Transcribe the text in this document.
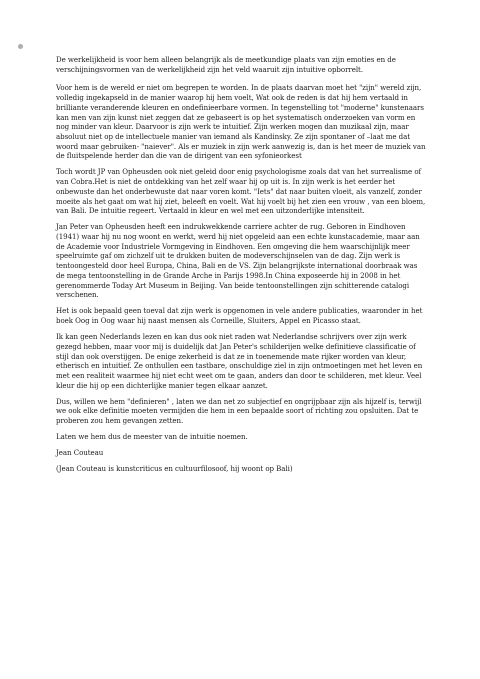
De werkelijkheid is voor hem alleen belangrijk als de meetkundige plaats van zijn emoties en de verschijningsvormen van de werkelijkheid zijn het veld waaruit zijn intuitive opborrelt.

Voor hem is de wereld er niet om begrepen te worden. In de plaats daarvan moet het "zijn" wereld zijn, volledig ingekapseld in de manier waarop hij hem voelt, Wat ook de reden is dat hij hem vertaald in brilliante veranderende kleuren en ondefinieerbare vormen. In tegenstelling tot "moderne" kunstenaars kan men van zijn kunst niet zeggen dat ze gebaseert is op het systematisch onderzoeken van vorm en nog minder van kleur. Daarvoor is zijn werk te intuitief. Zijn werken mogen dan muzikaal zijn, maar absoluut niet op de intellectuele manier van iemand als Kandinsky. Ze zijn spontaner of –laat me dat woord maar gebruiken- "naiever". Als er muziek in zijn werk aanwezig is, dan is het meer de muziek van de fluitspelende herder dan die van de dirigent van een syfonieorkest

Toch wordt JP van Opheusden ook niet geleid door enig psychologisme zoals dat van het surrealisme of van Cobra.Het is niet de ontdekking van het zelf waar hij op uit is. In zijn werk is het eerder het onbewuste dan het onderbewuste dat naar voren komt. "Iets" dat naar buiten vloeit, als vanzelf, zonder moeite als het gaat om wat hij ziet, beleeft en voelt. Wat hij voelt bij het zien een vrouw , van een bloem, van Bali. De intuitie regeert. Vertaald in kleur en wel met een uitzonderlijke intensiteit.

Jan Peter van Opheusden heeft een indrukwekkende carriere achter de rug. Geboren in Eindhoven (1941) waar hij nu nog woont en werkt, werd hij niet opgeleid aan een echte kunstacademie, maar aan de Academie voor Industriele Vormgeving in Eindhoven. Een omgeving die hem waarschijnlijk meer speelruimte gaf om zichzelf uit te drukken buiten de modeverschijnselen van de dag. Zijn werk is tentoongesteld door heel Europa, China, Bali en de VS. Zijn belangrijkste international doorbraak was de mega tentoonstelling in de Grande Arche in Parijs 1998.In China exposeerde hij in 2008 in het gerenommerde Today Art Museum in Beijing. Van beide tentoonstellingen zijn schitterende catalogi verschenen.

Het is ook bepaald geen toeval dat zijn werk is opgenomen in vele andere publicaties, waaronder in het boek Oog in Oog waar hij naast mensen als Corneille, Sluiters, Appel en Picasso staat.

Ik kan geen Nederlands lezen en kan dus ook niet raden wat Nederlandse schrijvers over zijn werk gezegd hebben, maar voor mij is duidelijk dat Jan Peter's schilderijen welke definitieve classificatie of stijl dan ook overstijgen. De enige zekerheid is dat ze in toenemende mate rijker worden van kleur, etherisch en intuitief. Ze onthullen een tastbare, onschuldige ziel in zijn ontmoetingen met het leven en met een realiteit waarmee hij niet echt weet om te gaan, anders dan door te schilderen, met kleur. Veel kleur die hij op een dichterlijke manier tegen elkaar aanzet.

Dus, willen we hem "definieren" , laten we dan net zo subjectief en ongrijpbaar zijn als hijzelf is, terwijl we ook elke definitie moeten vermijden die hem in een bepaalde soort of richting zou opsluiten. Dat te proberen zou hem gevangen zetten.

Laten we hem dus de meester van de intuitie noemen.

Jean Couteau

(Jean Couteau is kunstcriticus en cultuurfilosoof, hij woont op Bali)
